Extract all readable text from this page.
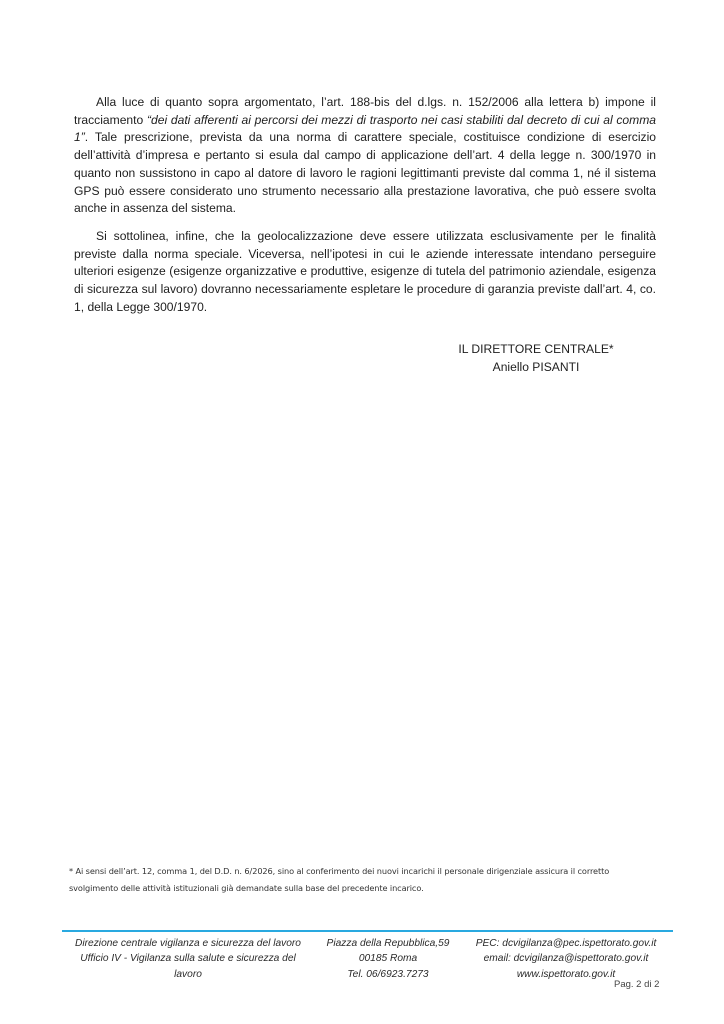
Alla luce di quanto sopra argomentato, l’art. 188-bis del d.lgs. n. 152/2006 alla lettera b) impone il tracciamento “dei dati afferenti ai percorsi dei mezzi di trasporto nei casi stabiliti dal decreto di cui al comma 1”. Tale prescrizione, prevista da una norma di carattere speciale, costituisce condizione di esercizio dell’attività d’impresa e pertanto si esula dal campo di applicazione dell’art. 4 della legge n. 300/1970 in quanto non sussistono in capo al datore di lavoro le ragioni legittimanti previste dal comma 1, né il sistema GPS può essere considerato uno strumento necessario alla prestazione lavorativa, che può essere svolta anche in assenza del sistema.

Si sottolinea, infine, che la geolocalizzazione deve essere utilizzata esclusivamente per le finalità previste dalla norma speciale. Viceversa, nell’ipotesi in cui le aziende interessate intendano perseguire ulteriori esigenze (esigenze organizzative e produttive, esigenze di tutela del patrimonio aziendale, esigenza di sicurezza sul lavoro) dovranno necessariamente espletare le procedure di garanzia previste dall’art. 4, co. 1, della Legge 300/1970.

IL DIRETTORE CENTRALE*
Aniello PISANTI
* Ai sensi dell’art. 12, comma 1, del D.D. n. 6/2026, sino al conferimento dei nuovi incarichi il personale dirigenziale assicura il corretto svolgimento delle attività istituzionali già demandate sulla base del precedente incarico.
Direzione centrale vigilanza e sicurezza del lavoro
Ufficio IV - Vigilanza sulla salute e sicurezza del lavoro
Piazza della Repubblica,59
00185 Roma
Tel. 06/6923.7273
PEC: dcvigilanza@pec.ispettorato.gov.it
email: dcvigilanza@ispettorato.gov.it
www.ispettorato.gov.it
Pag. 2 di 2
